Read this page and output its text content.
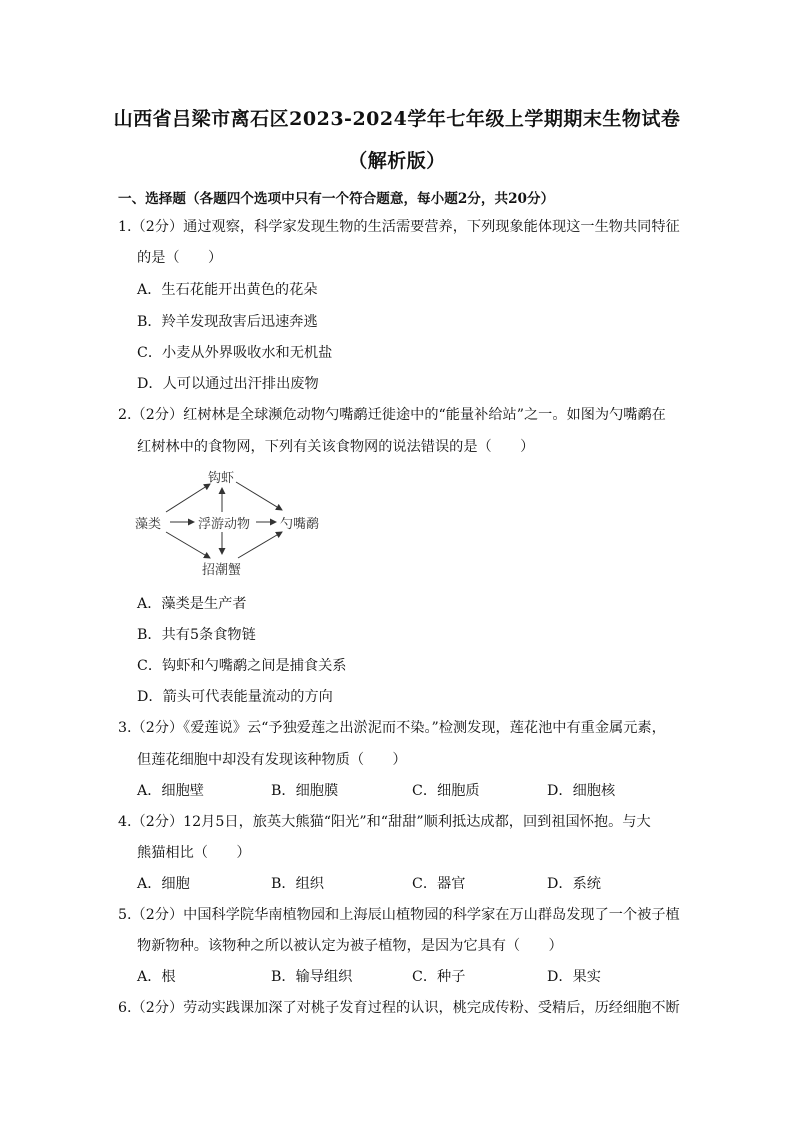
山西省吕梁市离石区2023-2024学年七年级上学期期末生物试卷
（解析版）
一、选择题（各题四个选项中只有一个符合题意，每小题2分，共20分）
1.（2分）通过观察，科学家发现生物的生活需要营养，下列现象能体现这一生物共同特征
的是（　　）
A．生石花能开出黄色的花朵
B．羚羊发现敌害后迅速奔逃
C．小麦从外界吸收水和无机盐
D．人可以通过出汗排出废物
2.（2分）红树林是全球濒危动物勺嘴鹬迁徙途中的“能量补给站”之一。如图为勺嘴鹬在
红树林中的食物网，下列有关该食物网的说法错误的是（　　）
藻类
钩虾
浮游动物
招潮蟹
勺嘴鹬
A．藻类是生产者
B．共有5条食物链
C．钩虾和勺嘴鹬之间是捕食关系
D．箭头可代表能量流动的方向
3.（2分）《爱莲说》云“予独爱莲之出淤泥而不染。”检测发现，莲花池中有重金属元素，
但莲花细胞中却没有发现该种物质（　　）
A．细胞壁	B．细胞膜	C．细胞质	D．细胞核
4.（2分）12月5日，旅英大熊猫“阳光”和“甜甜”顺利抵达成都，回到祖国怀抱。与大
熊猫相比（　　）
A．细胞	B．组织	C．器官	D．系统
5.（2分）中国科学院华南植物园和上海辰山植物园的科学家在万山群岛发现了一个被子植
物新物种。该物种之所以被认定为被子植物，是因为它具有（　　）
A．根	B．输导组织	C．种子	D．果实
6.（2分）劳动实践课加深了对桃子发育过程的认识，桃完成传粉、受精后，历经细胞不断
